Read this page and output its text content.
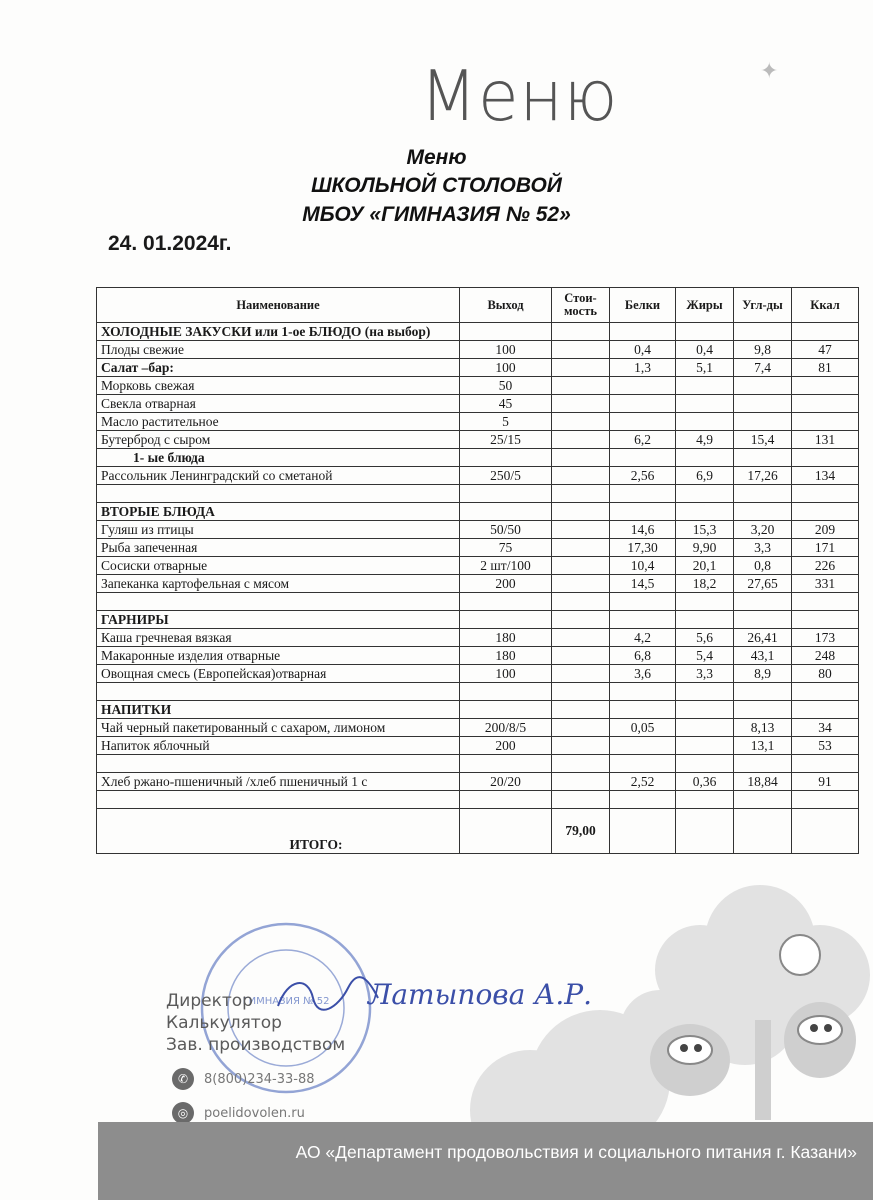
Меню	✦
Меню
ШКОЛЬНОЙ СТОЛОВОЙ
МБОУ «ГИМНАЗИЯ № 52»
24. 01.2024г.
Наименование	Выход	Стои-мость	Белки	Жиры	Угл-ды	Ккал
ХОЛОДНЫЕ ЗАКУСКИ или 1-ое БЛЮДО (на выбор)						
Плоды свежие	100		0,4	0,4	9,8	47
Салат –бар:	100		1,3	5,1	7,4	81
Морковь свежая	50					
Свекла отварная	45					
Масло растительное	5					
Бутерброд с сыром	25/15		6,2	4,9	15,4	131
1- ые блюда						
Рассольник Ленинградский со сметаной	250/5		2,56	6,9	17,26	134

ВТОРЫЕ БЛЮДА						
Гуляш из птицы	50/50		14,6	15,3	3,20	209
Рыба запеченная	75		17,30	9,90	3,3	171
Сосиски отварные	2 шт/100		10,4	20,1	0,8	226
Запеканка картофельная с мясом	200		14,5	18,2	27,65	331

ГАРНИРЫ						
Каша гречневая вязкая	180		4,2	5,6	26,41	173
Макаронные изделия отварные	180		6,8	5,4	43,1	248
Овощная смесь (Европейская)отварная	100		3,6	3,3	8,9	80

НАПИТКИ						
Чай черный пакетированный с сахаром, лимоном	200/8/5		0,05		8,13	34
Напиток яблочный	200				13,1	53

Хлеб ржано-пшеничный /хлеб пшеничный 1 с	20/20		2,52	0,36	18,84	91

ИТОГО:		79,00				
ГИМНАЗИЯ № 52 Латыпова А.Р.
Директор
Калькулятор
Зав. производством
✆	8(800)234-33-88
◎	poelidovolen.ru
АО «Департамент продовольствия и социального питания г. Казани»
